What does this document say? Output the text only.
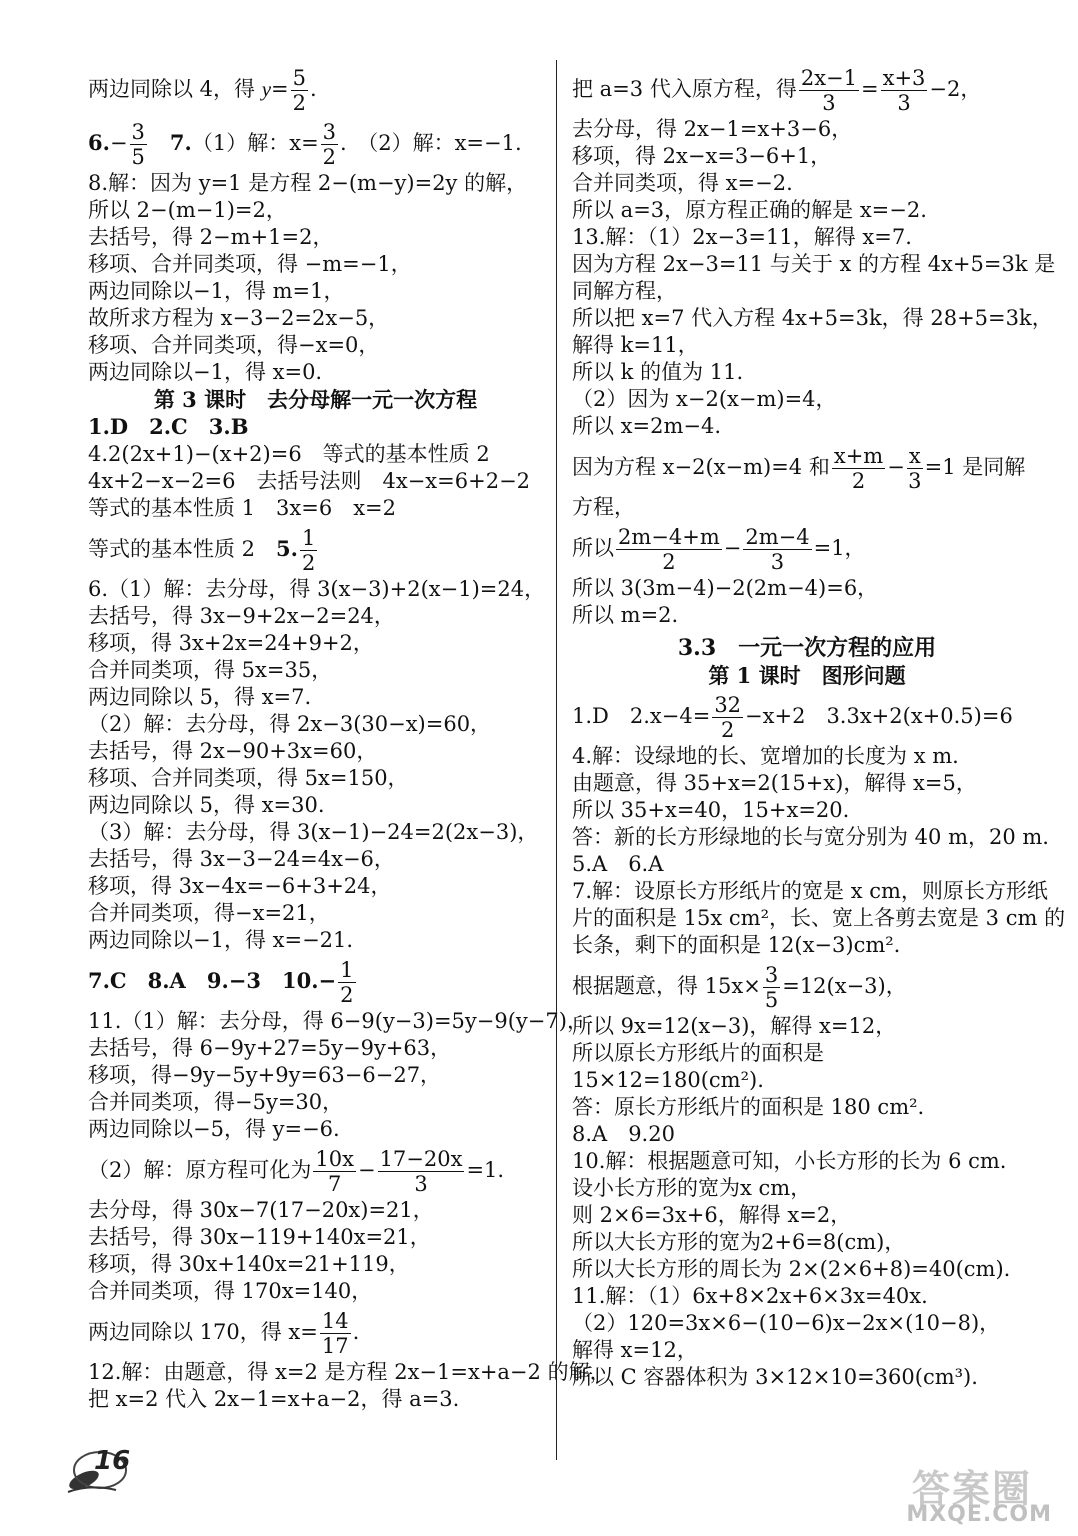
两边同除以 4，得 $y= \frac{5}{2}$ .
$6.- \frac{3}{5}$
　 7.（1）解：$x= \frac{3}{2}$ .　（2）解：x=−1.
8.解：因为 y=1 是方程 2−(m−y)=2y 的解，
所以 2−(m−1)=2，
去括号，得 2−m+1=2，
移项、合并同类项，得 −m=−1，
两边同除以−1，得 m=1，
故所求方程为 x−3−2=2x−5，
移项、合并同类项，得−x=0，
两边同除以−1，得 x=0.
第 3 课时　去分母解一元一次方程
1.D　2.C　3.B
4.2(2x+1)−(x+2)=6　等式的基本性质 2
4x+2−x−2=6　去括号法则　4x−x=6+2−2
等式的基本性质 1　3x=6　x=2
等式的基本性质 2　5. $\frac{1}{2}$
6.（1）解：去分母，得 3(x−3)+2(x−1)=24，
去括号，得 3x−9+2x−2=24，
移项，得 3x+2x=24+9+2，
合并同类项，得 5x=35，
两边同除以 5，得 x=7.
（2）解：去分母，得 2x−3(30−x)=60，
去括号，得 2x−90+3x=60，
移项、合并同类项，得 5x=150，
两边同除以 5，得 x=30.
（3）解：去分母，得 3(x−1)−24=2(2x−3)，
去括号，得 3x−3−24=4x−6，
移项，得 3x−4x=−6+3+24，
合并同类项，得−x=21，
两边同除以−1，得 x=−21.
7.C　8.A　9.−3　$10.- \frac{1}{2}$
11.（1）解：去分母，得 6−9(y−3)=5y−9(y−7)，
去括号，得 6−9y+27=5y−9y+63，
移项，得−9y−5y+9y=63−6−27，
合并同类项，得−5y=30，
两边同除以−5，得 y=−6.
（2）解：原方程可化为 $\frac{10x}{7} - \frac{17-20x}{3} =1$.
去分母，得 30x−7(17−20x)=21，
去括号，得 30x−119+140x=21，
移项，得 30x+140x=21+119，
合并同类项，得 170x=140，
两边同除以 170，得 $x= \frac{14}{17}$ .
12.解：由题意，得 x=2 是方程 2x−1=x+a−2 的解，
把 x=2 代入 2x−1=x+a−2，得 a=3.
把 a=3 代入原方程，得 $\frac{2x-1}{3} = \frac{x+3}{3} -2$，
去分母，得 2x−1=x+3−6，
移项，得 2x−x=3−6+1，
合并同类项，得 x=−2.
所以 a=3，原方程正确的解是 x=−2.
13.解：（1）2x−3=11，解得 x=7.
因为方程 2x−3=11 与关于 x 的方程 4x+5=3k 是
同解方程，
所以把 x=7 代入方程 4x+5=3k，得 28+5=3k，
解得 k=11，
所以 k 的值为 11.
（2）因为 x−2(x−m)=4，
所以 x=2m−4.
因为方程 x−2(x−m)=4 和 $\frac{x+m}{2} - \frac{x}{3} =1$ 是同解
方程，
所以 $\frac{2m-4+m}{2} - \frac{2m-4}{3} =1$，
所以 3(3m−4)−2(2m−4)=6，
所以 m=2.
3.3　一元一次方程的应用
第 1 课时　图形问题
1.D　$2.x-4= \frac{32}{2} -x+2$　3.3x+2(x+0.5)=6
4.解：设绿地的长、宽增加的长度为 x m.
由题意，得 35+x=2(15+x)，解得 x=5，
所以 35+x=40，15+x=20.
答：新的长方形绿地的长与宽分别为 40 m，20 m.
5.A　6.A
7.解：设原长方形纸片的宽是 x cm，则原长方形纸
片的面积是 15x cm²，长、宽上各剪去宽是 3 cm 的
长条，剩下的面积是 12(x−3)cm².
根据题意，得 $15x\times \frac{3}{5} =12(x-3)$，
所以 9x=12(x−3)，解得 x=12，
所以原长方形纸片的面积是
15×12=180(cm²).
答：原长方形纸片的面积是 180 cm².
8.A　9.20
10.解：根据题意可知，小长方形的长为 6 cm.
设小长方形的宽为x cm，
则 2×6=3x+6，解得 x=2，
所以大长方形的宽为2+6=8(cm)，
所以大长方形的周长为 2×(2×6+8)=40(cm).
11.解：（1）6x+8×2x+6×3x=40x.
（2）120=3x×6−(10−6)x−2x×(10−8)，
解得 x=12，
所以 C 容器体积为 3×12×10=360(cm³).
16
答案圈
MXQE.COM
